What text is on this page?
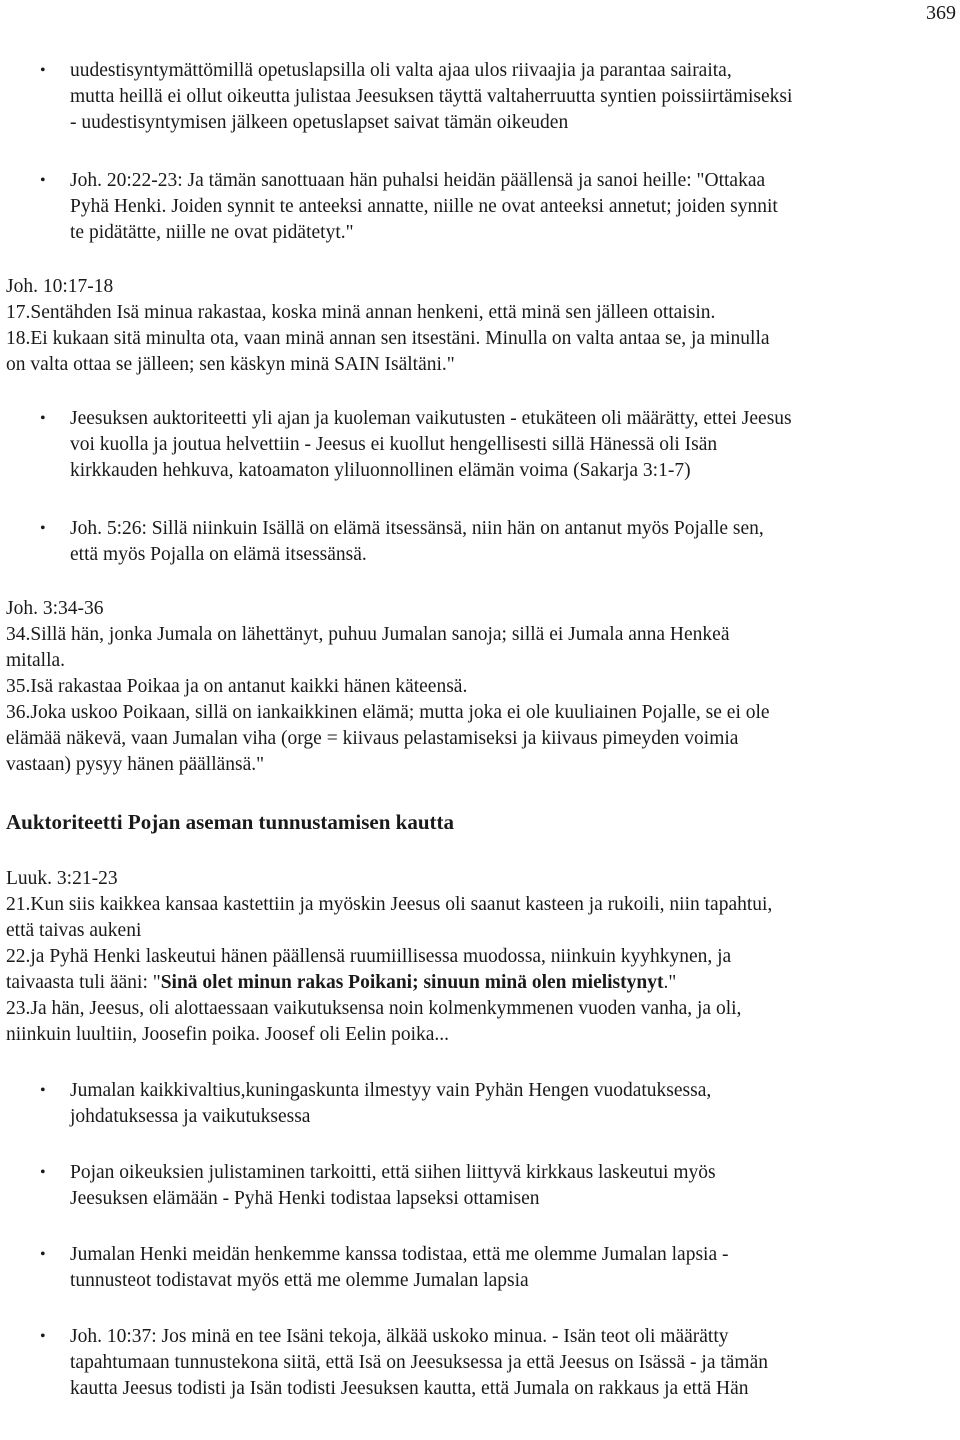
369
• uudestisyntymättömillä opetuslapsilla oli valta ajaa ulos riivaajia ja parantaa sairaita,

mutta heillä ei ollut oikeutta julistaa Jeesuksen täyttä valtaherruutta syntien poissiirtämiseksi

- uudestisyntymisen jälkeen opetuslapset saivat tämän oikeuden

• Joh. 20:22-23: Ja tämän sanottuaan hän puhalsi heidän päällensä ja sanoi heille: "Ottakaa

Pyhä Henki. Joiden synnit te anteeksi annatte, niille ne ovat anteeksi annetut; joiden synnit

te pidätätte, niille ne ovat pidätetyt."

Joh. 10:17-18

17.Sentähden Isä minua rakastaa, koska minä annan henkeni, että minä sen jälleen ottaisin.

18.Ei kukaan sitä minulta ota, vaan minä annan sen itsestäni. Minulla on valta antaa se, ja minulla

on valta ottaa se jälleen; sen käskyn minä SAIN Isältäni."

• Jeesuksen auktoriteetti yli ajan ja kuoleman vaikutusten - etukäteen oli määrätty, ettei Jeesus

voi kuolla ja joutua helvettiin - Jeesus ei kuollut hengellisesti sillä Hänessä oli Isän

kirkkauden hehkuva, katoamaton yliluonnollinen elämän voima (Sakarja 3:1-7)

• Joh. 5:26: Sillä niinkuin Isällä on elämä itsessänsä, niin hän on antanut myös Pojalle sen,

että myös Pojalla on elämä itsessänsä.

Joh. 3:34-36

34.Sillä hän, jonka Jumala on lähettänyt, puhuu Jumalan sanoja; sillä ei Jumala anna Henkeä

mitalla.

35.Isä rakastaa Poikaa ja on antanut kaikki hänen käteensä.

36.Joka uskoo Poikaan, sillä on iankaikkinen elämä; mutta joka ei ole kuuliainen Pojalle, se ei ole

elämää näkevä, vaan Jumalan viha (orge = kiivaus pelastamiseksi ja kiivaus pimeyden voimia

vastaan) pysyy hänen päällänsä."

Auktoriteetti Pojan aseman tunnustamisen kautta

Luuk. 3:21-23

21.Kun siis kaikkea kansaa kastettiin ja myöskin Jeesus oli saanut kasteen ja rukoili, niin tapahtui,

että taivas aukeni

22.ja Pyhä Henki laskeutui hänen päällensä ruumiillisessa muodossa, niinkuin kyyhkynen, ja

taivaasta tuli ääni: "Sinä olet minun rakas Poikani; sinuun minä olen mielistynyt."

23.Ja hän, Jeesus, oli alottaessaan vaikutuksensa noin kolmenkymmenen vuoden vanha, ja oli,

niinkuin luultiin, Joosefin poika. Joosef oli Eelin poika...

• Jumalan kaikkivaltius,kuningaskunta ilmestyy vain Pyhän Hengen vuodatuksessa,

johdatuksessa ja vaikutuksessa

• Pojan oikeuksien julistaminen tarkoitti, että siihen liittyvä kirkkaus laskeutui myös

Jeesuksen elämään - Pyhä Henki todistaa lapseksi ottamisen

• Jumalan Henki meidän henkemme kanssa todistaa, että me olemme Jumalan lapsia -

tunnusteot todistavat myös että me olemme Jumalan lapsia

• Joh. 10:37: Jos minä en tee Isäni tekoja, älkää uskoko minua. - Isän teot oli määrätty

tapahtumaan tunnustekona siitä, että Isä on Jeesuksessa ja että Jeesus on Isässä - ja tämän

kautta Jeesus todisti ja Isän todisti Jeesuksen kautta, että Jumala on rakkaus ja että Hän
